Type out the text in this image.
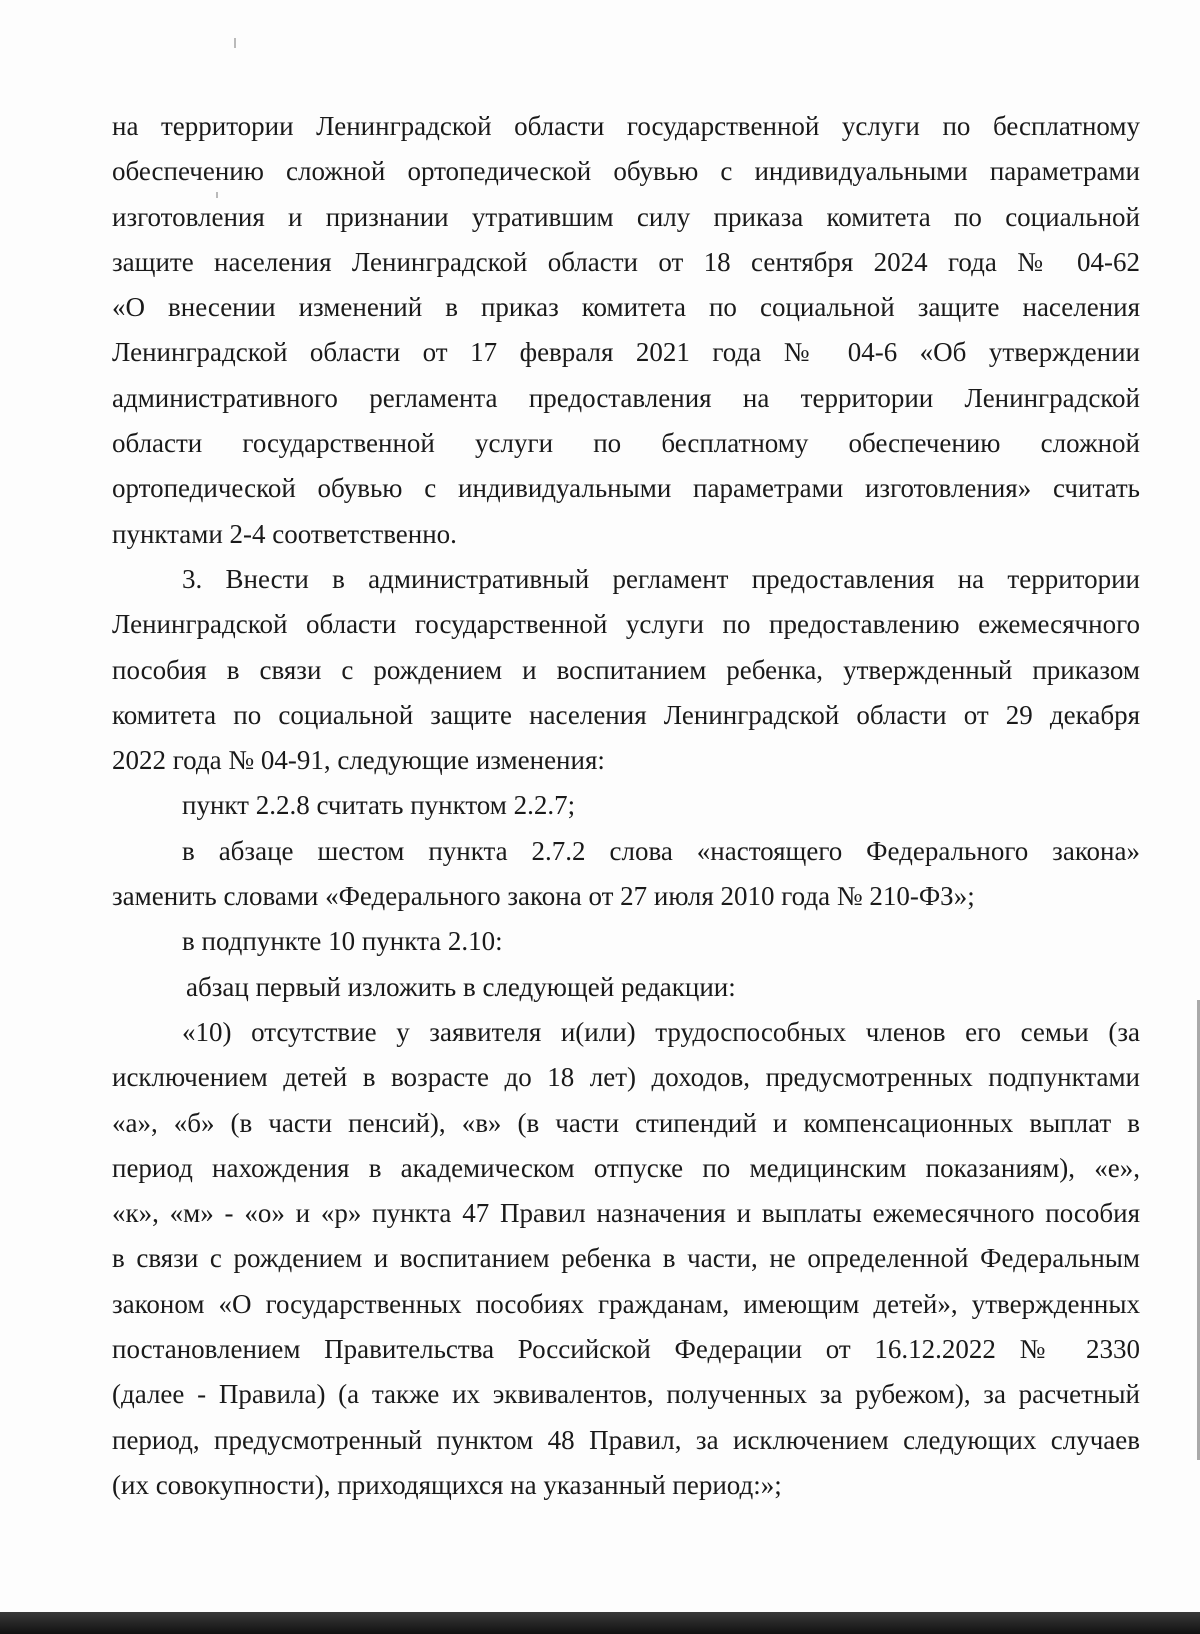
на территории Ленинградской области государственной услуги по бесплатному
обеспечению сложной ортопедической обувью с индивидуальными параметрами
изготовления и признании утратившим силу приказа комитета по социальной
защите населения Ленинградской области от 18 сентября 2024 года № 04-62
«О внесении изменений в приказ комитета по социальной защите населения
Ленинградской области от 17 февраля 2021 года № 04-6 «Об утверждении
административного регламента предоставления на территории Ленинградской
области государственной услуги по бесплатному обеспечению сложной
ортопедической обувью с индивидуальными параметрами изготовления» считать
пунктами 2-4 соответственно.
3. Внести в административный регламент предоставления на территории
Ленинградской области государственной услуги по предоставлению ежемесячного
пособия в связи с рождением и воспитанием ребенка, утвержденный приказом
комитета по социальной защите населения Ленинградской области от 29 декабря
2022 года № 04-91, следующие изменения:
пункт 2.2.8 считать пунктом 2.2.7;
в абзаце шестом пункта 2.7.2 слова «настоящего Федерального закона»
заменить словами «Федерального закона от 27 июля 2010 года № 210-ФЗ»;
в подпункте 10 пункта 2.10:
абзац первый изложить в следующей редакции:
«10) отсутствие у заявителя и(или) трудоспособных членов его семьи (за
исключением детей в возрасте до 18 лет) доходов, предусмотренных подпунктами
«а», «б» (в части пенсий), «в» (в части стипендий и компенсационных выплат в
период нахождения в академическом отпуске по медицинским показаниям), «е»,
«к», «м» - «о» и «р» пункта 47 Правил назначения и выплаты ежемесячного пособия
в связи с рождением и воспитанием ребенка в части, не определенной Федеральным
законом «О государственных пособиях гражданам, имеющим детей», утвержденных
постановлением Правительства Российской Федерации от 16.12.2022 № 2330
(далее - Правила) (а также их эквивалентов, полученных за рубежом), за расчетный
период, предусмотренный пунктом 48 Правил, за исключением следующих случаев
(их совокупности), приходящихся на указанный период:»;
